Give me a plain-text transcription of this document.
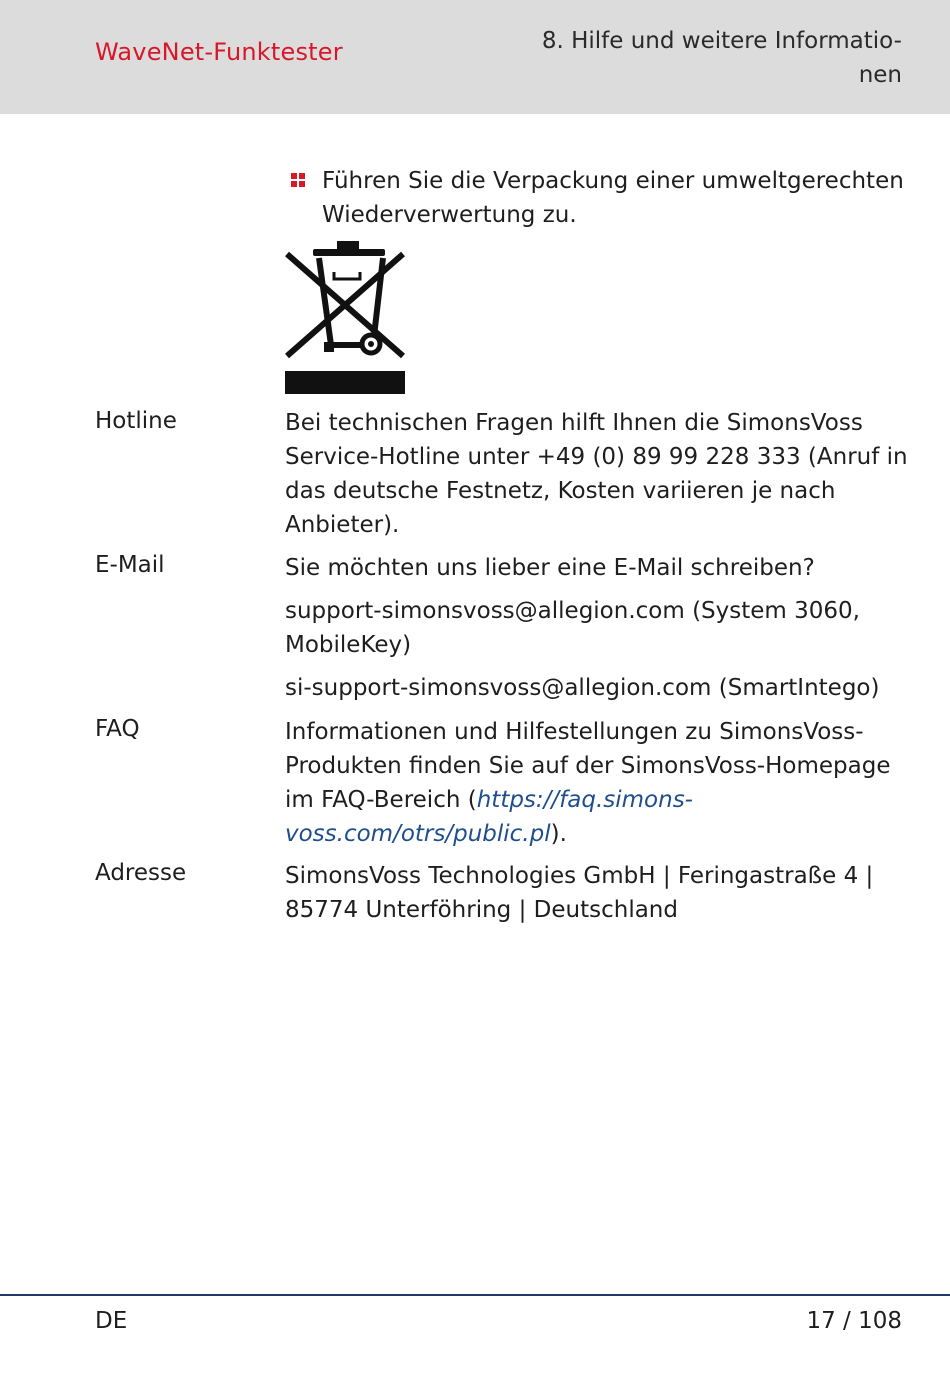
WaveNet-Funktester	8. Hilfe und weitere Informatio-
nen
Führen Sie die Verpackung einer umweltgerechten Wiederverwertung zu.
Hotline	Bei technischen Fragen hilft Ihnen die SimonsVoss Service-Hotline unter +49 (0) 89 99 228 333 (Anruf in das deutsche Festnetz, Kosten variieren je nach Anbieter).
E-Mail	Sie möchten uns lieber eine E-Mail schreiben?
support-simonsvoss@allegion.com (System 3060, MobileKey)
si-support-simonsvoss@allegion.com (SmartIntego)
FAQ	Informationen und Hilfestellungen zu SimonsVoss-Produkten finden Sie auf der SimonsVoss-Homepage im FAQ-Bereich (https://faq.simons-voss.com/otrs/public.pl).
Adresse	SimonsVoss Technologies GmbH | Feringastraße 4 | 85774 Unterföhring | Deutschland
DE	17 / 108
